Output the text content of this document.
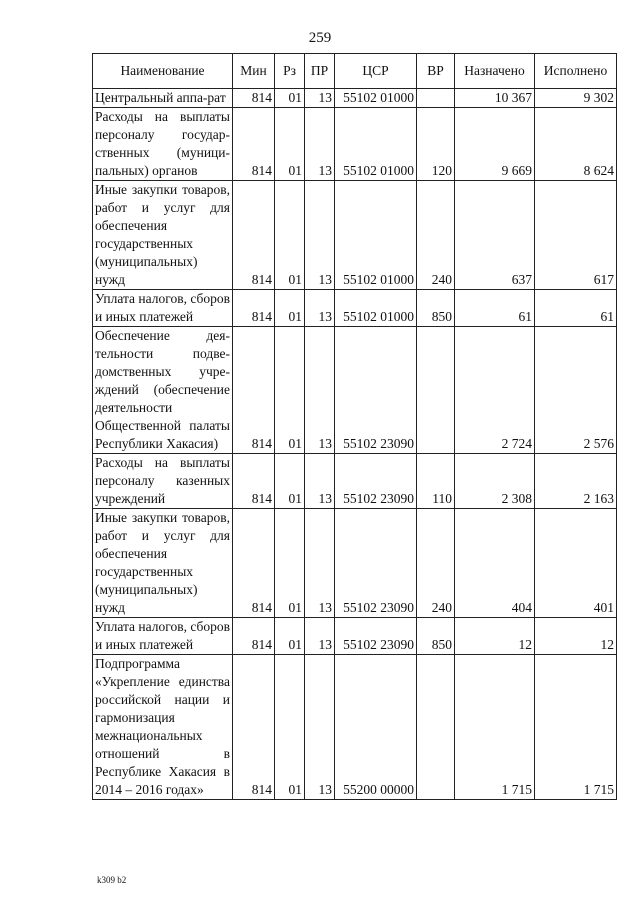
259
Наименование	Мин	Рз	ПР	ЦСР	ВР	Назначено	Исполнено
Центральный аппа-рат	814	01	13	55102 01000		10 367	9 302
Расходы на выплаты персоналу государственных (муниципальных) органов	814	01	13	55102 01000	120	9 669	8 624
Иные закупки товаров, работ и услуг для обеспечения государственных (муниципальных) нужд	814	01	13	55102 01000	240	637	617
Уплата налогов, сборов и иных платежей	814	01	13	55102 01000	850	61	61
Обеспечение деятельности подведомственных учреждений (обеспечение деятельности Общественной палаты Республики Хакасия)	814	01	13	55102 23090		2 724	2 576
Расходы на выплаты персоналу казенных учреждений	814	01	13	55102 23090	110	2 308	2 163
Иные закупки товаров, работ и услуг для обеспечения государственных (муниципальных) нужд	814	01	13	55102 23090	240	404	401
Уплата налогов, сборов и иных платежей	814	01	13	55102 23090	850	12	12
Подпрограмма «Укрепление единства российской нации и гармонизация межнациональных отношений в Республике Хакасия в 2014 – 2016 годах»	814	01	13	55200 00000		1 715	1 715
k309 b2
